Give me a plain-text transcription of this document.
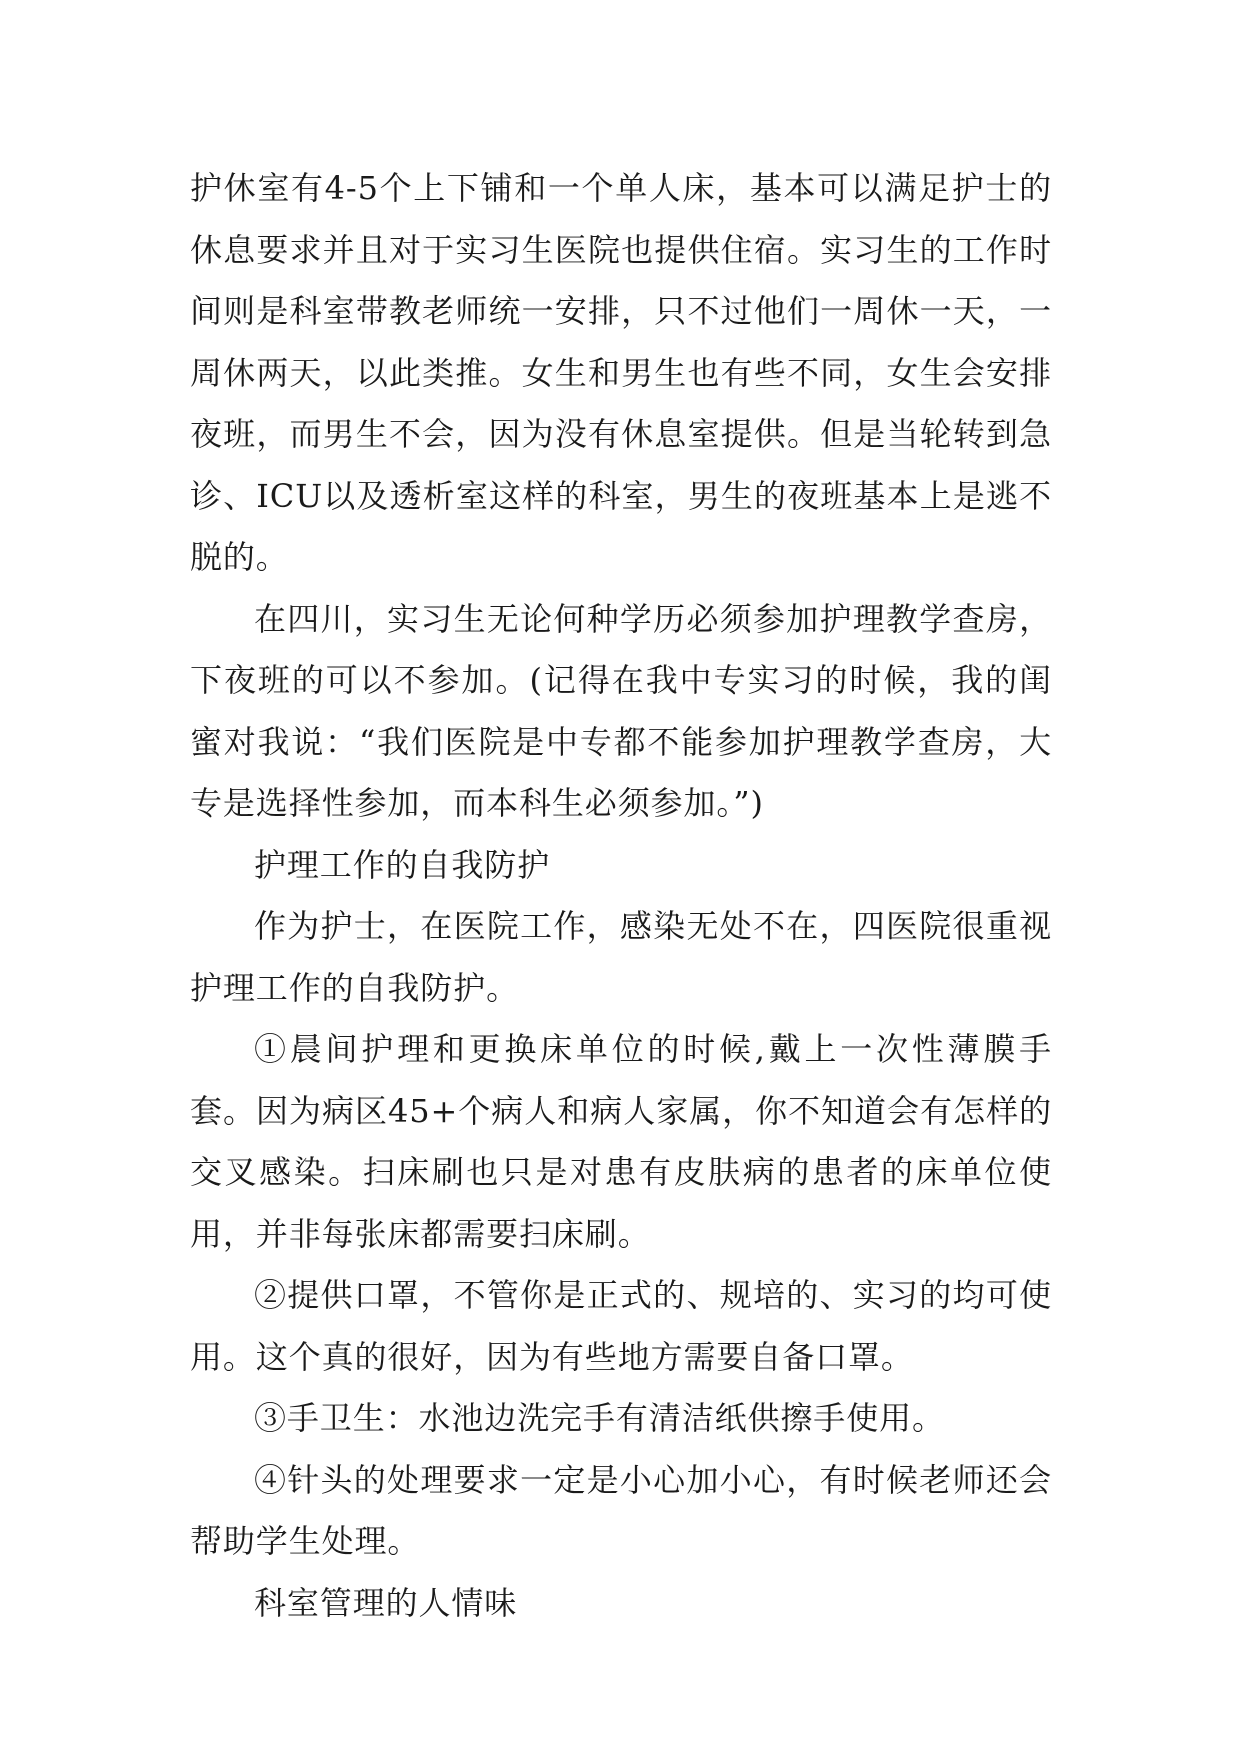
护休室有4-5个上下铺和一个单人床，基本可以满足护士的休息要求并且对于实习生医院也提供住宿。实习生的工作时间则是科室带教老师统一安排，只不过他们一周休一天，一周休两天，以此类推。女生和男生也有些不同，女生会安排夜班，而男生不会，因为没有休息室提供。但是当轮转到急诊、ICU以及透析室这样的科室，男生的夜班基本上是逃不脱的。

在四川，实习生无论何种学历必须参加护理教学查房，下夜班的可以不参加。(记得在我中专实习的时候，我的闺蜜对我说：“我们医院是中专都不能参加护理教学查房，大专是选择性参加，而本科生必须参加。”)

护理工作的自我防护

作为护士，在医院工作，感染无处不在，四医院很重视护理工作的自我防护。

①晨间护理和更换床单位的时候,戴上一次性薄膜手套。因为病区45+个病人和病人家属，你不知道会有怎样的交叉感染。扫床刷也只是对患有皮肤病的患者的床单位使用，并非每张床都需要扫床刷。

②提供口罩，不管你是正式的、规培的、实习的均可使用。这个真的很好，因为有些地方需要自备口罩。

③手卫生：水池边洗完手有清洁纸供擦手使用。

④针头的处理要求一定是小心加小心，有时候老师还会帮助学生处理。

科室管理的人情味
